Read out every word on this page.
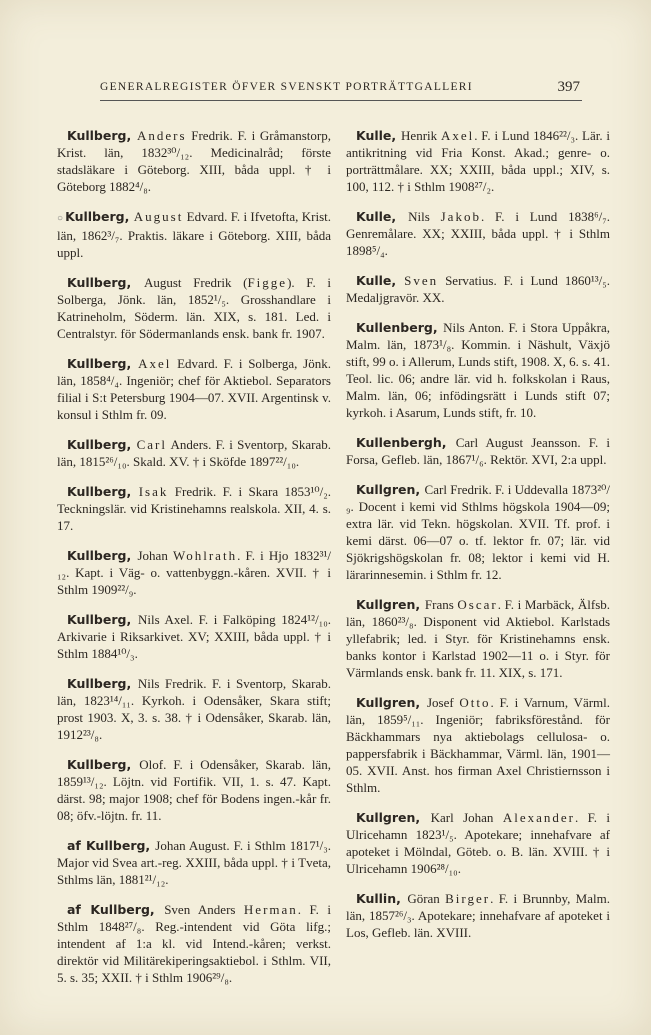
GENERALREGISTER ÖFVER SVENSKT PORTRÄTTGALLERI	397

Kullberg, Anders Fredrik. F. i Gråmanstorp, Krist. län, 1832³⁰/₁₂. Medicinalråd; förste stadsläkare i Göteborg. XIII, båda uppl. † i Göteborg 1882⁴/₈.

○ Kullberg, August Edvard. F. i Ifvetofta, Krist. län, 1862³/₇. Praktis. läkare i Göteborg. XIII, båda uppl.

Kullberg, August Fredrik (Figge). F. i Solberga, Jönk. län, 1852¹/₅. Grosshandlare i Katrineholm, Söderm. län. XIX, s. 181. Led. i Centralstyr. för Södermanlands ensk. bank fr. 1907.

Kullberg, Axel Edvard. F. i Solberga, Jönk. län, 1858⁴/₄. Ingeniör; chef för Aktiebol. Separators filial i S:t Petersburg 1904—07. XVII. Argentinsk v. konsul i Sthlm fr. 09.

Kullberg, Carl Anders. F. i Sventorp, Skarab. län, 1815²⁶/₁₀. Skald. XV. † i Sköfde 1897²²/₁₀.

Kullberg, Isak Fredrik. F. i Skara 1853¹⁰/₂. Teckningslär. vid Kristinehamns realskola. XII, 4. s. 17.

Kullberg, Johan Wohlrath. F. i Hjo 1832³¹/₁₂. Kapt. i Väg- o. vattenbyggn.-kåren. XVII. † i Sthlm 1909²²/₉.

Kullberg, Nils Axel. F. i Falköping 1824¹²/₁₀. Arkivarie i Riksarkivet. XV; XXIII, båda uppl. † i Sthlm 1884¹⁰/₃.

Kullberg, Nils Fredrik. F. i Sventorp, Skarab. län, 1823¹⁴/₁₁. Kyrkoh. i Odensåker, Skara stift; prost 1903. X, 3. s. 38. † i Odensåker, Skarab. län, 1912²³/₈.

Kullberg, Olof. F. i Odensåker, Skarab. län, 1859¹³/₁₂. Löjtn. vid Fortifik. VII, 1. s. 47. Kapt. därst. 98; major 1908; chef för Bodens ingen.-kår fr. 08; öfv.-löjtn. fr. 11.

af Kullberg, Johan August. F. i Sthlm 1817¹/₃. Major vid Svea art.-reg. XXIII, båda uppl. † i Tveta, Sthlms län, 1881²¹/₁₂.

af Kullberg, Sven Anders Herman. F. i Sthlm 1848²⁷/₈. Reg.-intendent vid Göta lifg.; intendent af 1:a kl. vid Intend.-kåren; verkst. direktör vid Militärekiperingsaktiebol. i Sthlm. VII, 5. s. 35; XXII. † i Sthlm 1906²⁹/₈.

Kulle, Henrik Axel. F. i Lund 1846²²/₃. Lär. i antikritning vid Fria Konst. Akad.; genre- o. porträttmålare. XX; XXIII, båda uppl.; XIV, s. 100, 112. † i Sthlm 1908²⁷/₂.

Kulle, Nils Jakob. F. i Lund 1838⁶/₇. Genremålare. XX; XXIII, båda uppl. † i Sthlm 1898⁵/₄.

Kulle, Sven Servatius. F. i Lund 1860¹³/₅. Medaljgravör. XX.

Kullenberg, Nils Anton. F. i Stora Uppåkra, Malm. län, 1873¹/₈. Kommin. i Näshult, Växjö stift, 99 o. i Allerum, Lunds stift, 1908. X, 6. s. 41. Teol. lic. 06; andre lär. vid h. folkskolan i Raus, Malm. län, 06; infödingsrätt i Lunds stift 07; kyrkoh. i Asarum, Lunds stift, fr. 10.

Kullenbergh, Carl August Jeansson. F. i Forsa, Gefleb. län, 1867¹/₆. Rektör. XVI, 2:a uppl.

Kullgren, Carl Fredrik. F. i Uddevalla 1873²⁰/₉. Docent i kemi vid Sthlms högskola 1904—09; extra lär. vid Tekn. högskolan. XVII. Tf. prof. i kemi därst. 06—07 o. tf. lektor fr. 07; lär. vid Sjökrigshögskolan fr. 08; lektor i kemi vid H. lärarinnesemin. i Sthlm fr. 12.

Kullgren, Frans Oscar. F. i Marbäck, Älfsb. län, 1860²³/₈. Disponent vid Aktiebol. Karlstads yllefabrik; led. i Styr. för Kristinehamns ensk. banks kontor i Karlstad 1902—11 o. i Styr. för Värmlands ensk. bank fr. 11. XIX, s. 171.

Kullgren, Josef Otto. F. i Varnum, Värml. län, 1859⁵/₁₁. Ingeniör; fabriksförestånd. för Bäckhammars nya aktiebolags cellulosa- o. pappersfabrik i Bäckhammar, Värml. län, 1901—05. XVII. Anst. hos firman Axel Christiernsson i Sthlm.

Kullgren, Karl Johan Alexander. F. i Ulricehamn 1823¹/₅. Apotekare; innehafvare af apoteket i Mölndal, Göteb. o. B. län. XVIII. † i Ulricehamn 1906²⁸/₁₀.

Kullin, Göran Birger. F. i Brunnby, Malm. län, 1857²⁶/₃. Apotekare; innehafvare af apoteket i Los, Gefleb. län. XVIII.
